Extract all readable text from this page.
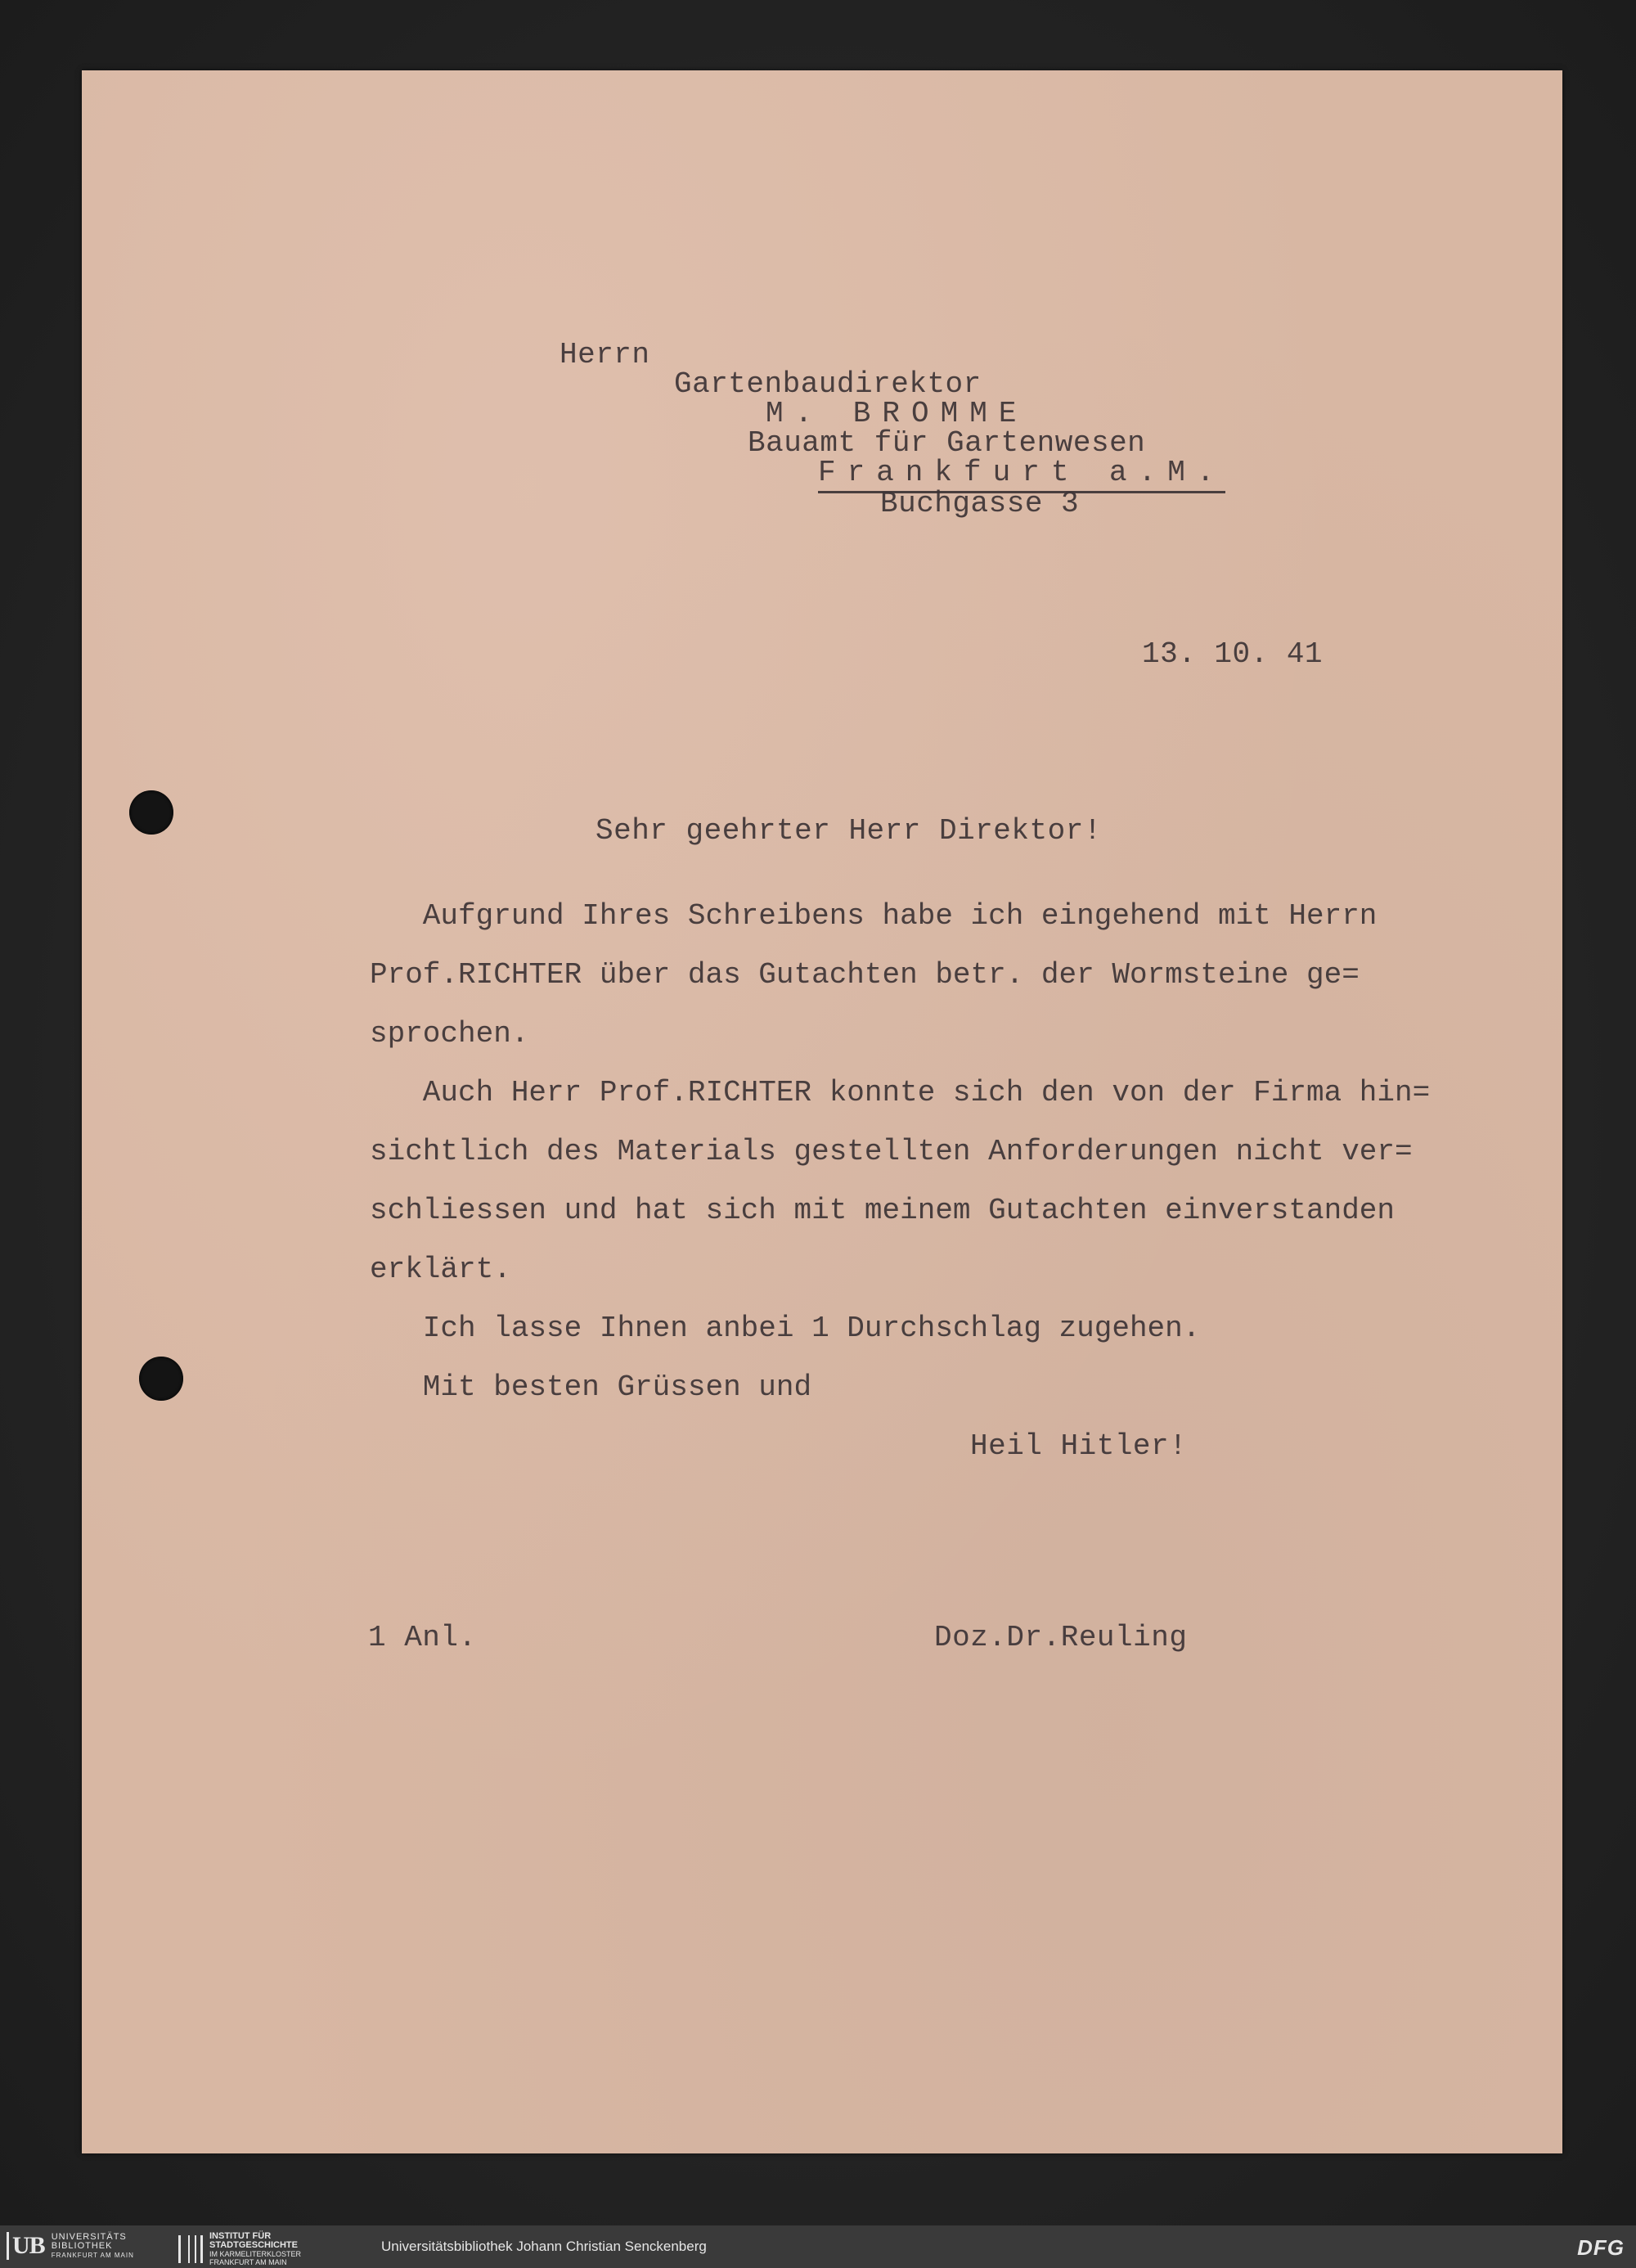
Herrn
Gartenbaudirektor
M. BROMME
Bauamt für Gartenwesen
Frankfurt a.M.
Buchgasse 3
13. 10. 41
Sehr geehrter Herr Direktor!
Aufgrund Ihres Schreibens habe ich eingehend mit Herrn
Prof.RICHTER über das Gutachten betr. der Wormsteine ge=
sprochen.
Auch Herr Prof.RICHTER konnte sich den von der Firma hin=
sichtlich des Materials gestellten Anforderungen nicht ver=
schliessen und hat sich mit meinem Gutachten einverstanden
erklärt.
Ich lasse Ihnen anbei 1 Durchschlag zugehen.
Mit besten Grüssen und
Heil Hitler!
1 Anl.	Doz.Dr.Reuling
UB UNIVERSITÄTS
BIBLIOTHEK
FRANKFURT AM MAIN
INSTITUT FÜR
STADTGESCHICHTE
IM KARMELITERKLOSTER
FRANKFURT AM MAIN
Universitätsbibliothek Johann Christian Senckenberg	DFG
